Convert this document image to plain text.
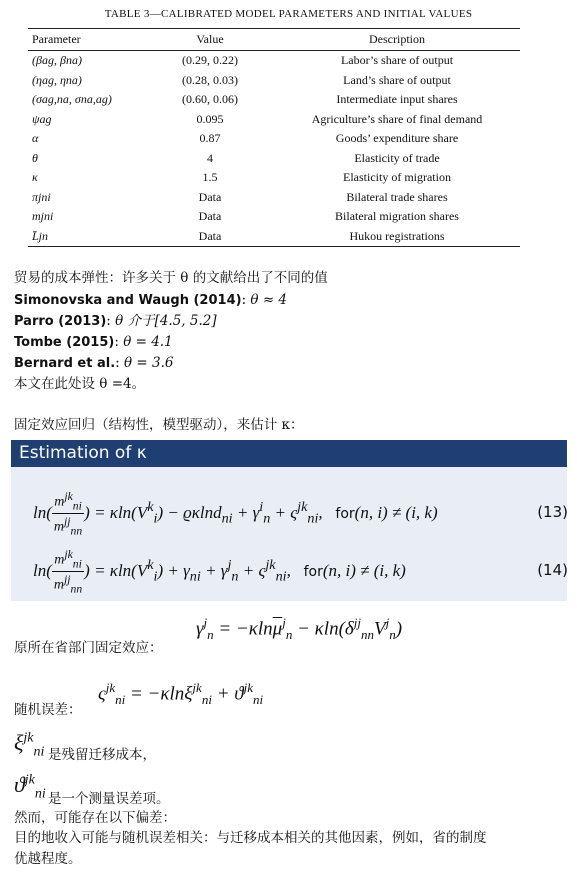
TABLE 3—CALIBRATED MODEL PARAMETERS AND INITIAL VALUES
Parameter	Value	Description
(βag, βna)	(0.29, 0.22)	Labor’s share of output
(ηag, ηna)	(0.28, 0.03)	Land’s share of output
(σag,na, σna,ag)	(0.60, 0.06)	Intermediate input shares
ψag	0.095	Agriculture’s share of final demand
α	0.87	Goods’ expenditure share
θ	4	Elasticity of trade
κ	1.5	Elasticity of migration
πjni	Data	Bilateral trade shares
mjni	Data	Bilateral migration shares
L̄jn	Data	Hukou registrations
贸易的成本弹性：许多关于 θ 的文献给出了不同的值
Simonovska and Waugh (2014): θ ≈ 4
Parro (2013): θ 介于[4.5, 5.2]
Tombe (2015): θ = 4.1
Bernard et al.: θ = 3.6
本文在此处设 θ =4。
固定效应回归（结构性，模型驱动），来估计 κ：
Estimation of κ
$\ln( \frac{m^{jk}_{ni}}{m^{jj}_{nn}}$ ) = $\kappa\ln(V^k_i) - ϱ\kappa\ln d_{ni} + \gamma^i_n + \varsigma^{jk}_{ni}$,   for(n, i) ≠ (i, k)	(13)
$\ln( \frac{m^{jk}_{ni}}{m^{jj}_{nn}}$ ) = $\kappa\ln(V^k_i) + \gamma_{ni} + \gamma^j_n + \varsigma^{jk}_{ni}$,   for(n, i) ≠ (i, k)	(14)
$\gamma^j_n = -\kappa\ln\overline{\mu}^j_n - \kappa\ln(\delta^{jj}_{nn}V^j_n)$
原所在省部门固定效应：
$\varsigma^{jk}_{ni} = -\kappa\ln\xi^{jk}_{ni} + ϑ^{jk}_{ni}$
随机误差：
$\xi^{jk}_{ni}$ 是残留迁移成本，
$ϑ^{jk}_{ni}$ 是一个测量误差项。
然而，可能存在以下偏差：
目的地收入可能与随机误差相关：与迁移成本相关的其他因素，例如，省的制度
优越程度。
